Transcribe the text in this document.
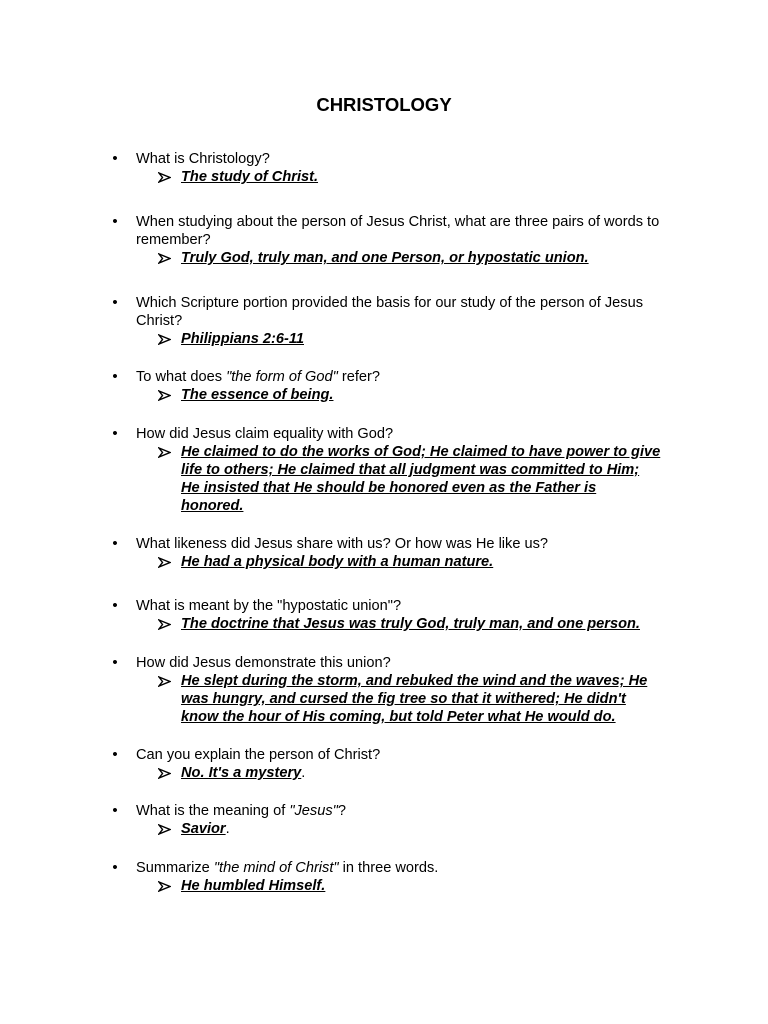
CHRISTOLOGY
• What is Christology?
The study of Christ.
• When studying about the person of Jesus Christ, what are three pairs of words to
remember?
Truly God, truly man, and one Person, or hypostatic union.
• Which Scripture portion provided the basis for our study of the person of Jesus
Christ?
Philippians 2:6-11
• To what does "the form of God" refer?
The essence of being.
• How did Jesus claim equality with God?
He claimed to do the works of God; He claimed to have power to give
life to others; He claimed that all judgment was committed to Him;
He insisted that He should be honored even as the Father is
honored.
• What likeness did Jesus share with us? Or how was He like us?
He had a physical body with a human nature.
• What is meant by the "hypostatic union"?
The doctrine that Jesus was truly God, truly man, and one person.
• How did Jesus demonstrate this union?
He slept during the storm, and rebuked the wind and the waves; He
was hungry, and cursed the fig tree so that it withered; He didn't
know the hour of His coming, but told Peter what He would do.
• Can you explain the person of Christ?
No. It's a mystery.
• What is the meaning of "Jesus"?
Savior.
• Summarize "the mind of Christ" in three words.
He humbled Himself.
